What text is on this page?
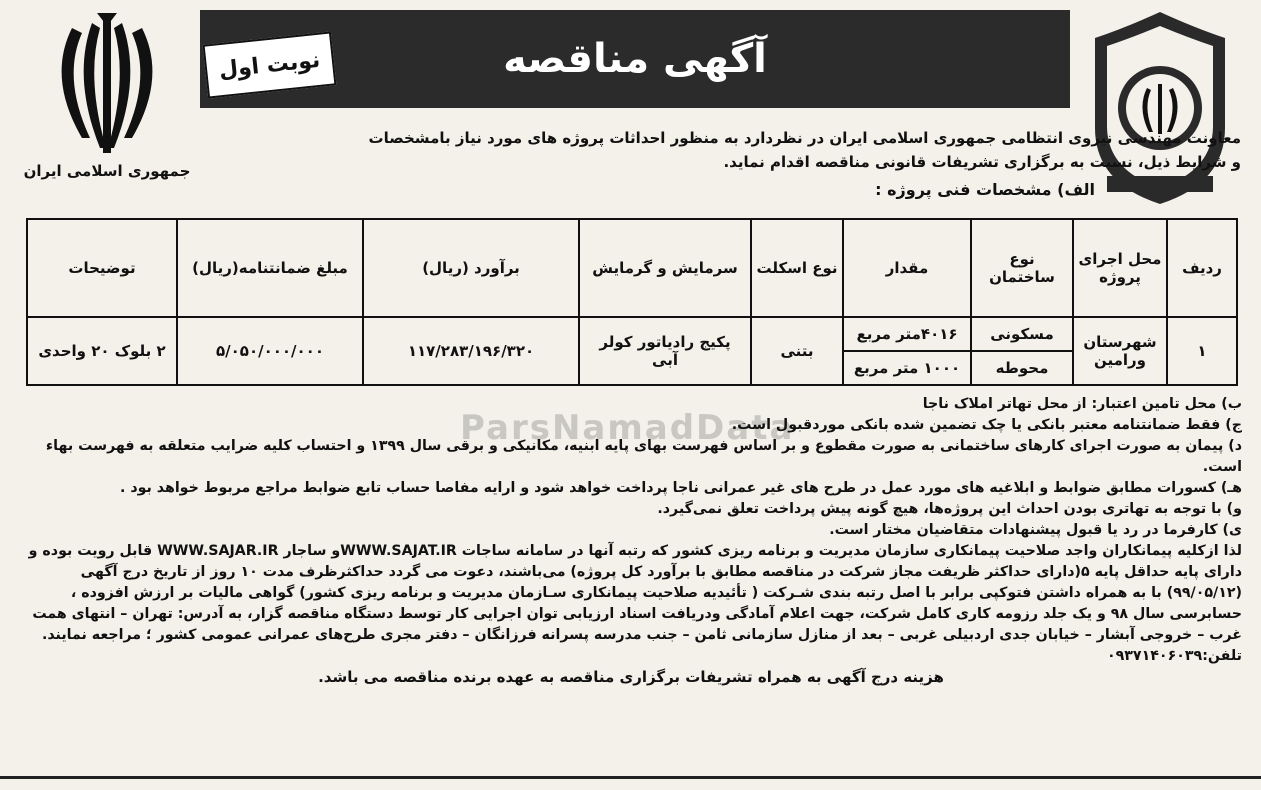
جمهوری اسلامی ایران
آگهی مناقصه
نوبت اول
معاونت مهندسی نیروی انتظامی جمهوری اسلامی ایران در نظردارد به منظور احداثات پروژه های مورد نیاز بامشخصات
و شرایط ذیل، نسبت به برگزاری تشریفات قانونی مناقصه اقدام نماید.
الف) مشخصات فنی پروژه :
ردیف	محل اجرای پروژه	نوع ساختمان	مقدار	نوع اسکلت	سرمایش و گرمایش	برآورد (ریال)	مبلغ ضمانتنامه(ریال)	توضیحات
۱	شهرستان ورامین	مسکونی	۴۰۱۶متر مربع	بتنی	پکیج رادیاتور کولر آبی	۱۱۷/۲۸۳/۱۹۶/۳۲۰	۵/۰۵۰/۰۰۰/۰۰۰	۲ بلوک ۲۰ واحدی
		محوطه	۱۰۰۰ متر مربع					
ParsNamadData

ب) محل تامین اعتبار: از محل تهاتر املاک ناجا

ج) فقط ضمانتنامه معتبر بانکی یا چک تضمین شده بانکی موردقبول است.

د) پیمان به صورت اجرای کارهای ساختمانی به صورت مقطوع و بر اساس فهرست بهای پایه ابنیه، مکانیکی و برقی سال ۱۳۹۹ و احتساب کلیه ضرایب متعلقه به فهرست بهاء است.

هـ) کسورات مطابق ضوابط و ابلاغیه های مورد عمل در طرح های غیر عمرانی ناجا پرداخت خواهد شود و ارایه مفاصا حساب تابع ضوابط مراجع مربوط خواهد بود .

و) با توجه به تهاتری بودن احداث این پروژه‌ها، هیچ گونه پیش پرداخت تعلق نمی‌گیرد.

ی) کارفرما در رد یا قبول پیشنهادات متقاضیان مختار است.

لذا ازکلیه پیمانکاران واجد صلاحیت پیمانکاری سازمان مدیریت و برنامه ریزی کشور که رتبه آنها در سامانه ساجات WWW.SAJAT.IRو ساجار WWW.SAJAR.IR قابل رویت بوده و دارای پایه حداقل پایه ۵(دارای حداکثر ظریفت مجاز شرکت در مناقصه مطابق با برآورد کل پروژه) می‌باشند، دعوت می گردد حداکثرظرف مدت ۱۰ روز از تاریخ درج آگهی (۹۹/۰۵/۱۲) با به همراه داشتن فتوکپی برابر با اصل رتبه بندی شـرکت ( تأئیدیه صلاحیت پیمانکاری سـازمان مدیریت و برنامه ریزی کشور) گواهی مالیات بر ارزش افزوده ، حسابرسی سال ۹۸ و یک جلد رزومه کاری کامل شرکت، جهت اعلام آمادگی ودریافت اسناد ارزیابی توان اجرایی کار توسط دستگاه مناقصه گزار، به آدرس: تهران – انتهای همت غرب – خروجی آبشار – خیابان جدی اردبیلی غربی – بعد از منازل سازمانی ثامن – جنب مدرسه پسرانه فرزانگان – دفتر مجری طرح‌های عمرانی عمومی کشور ؛ مراجعه نمایند. تلفن:۰۹۳۷۱۴۰۶۰۳۹

هزینه درج آگهی به همراه تشریفات برگزاری مناقصه به عهده برنده مناقصه می باشد.
